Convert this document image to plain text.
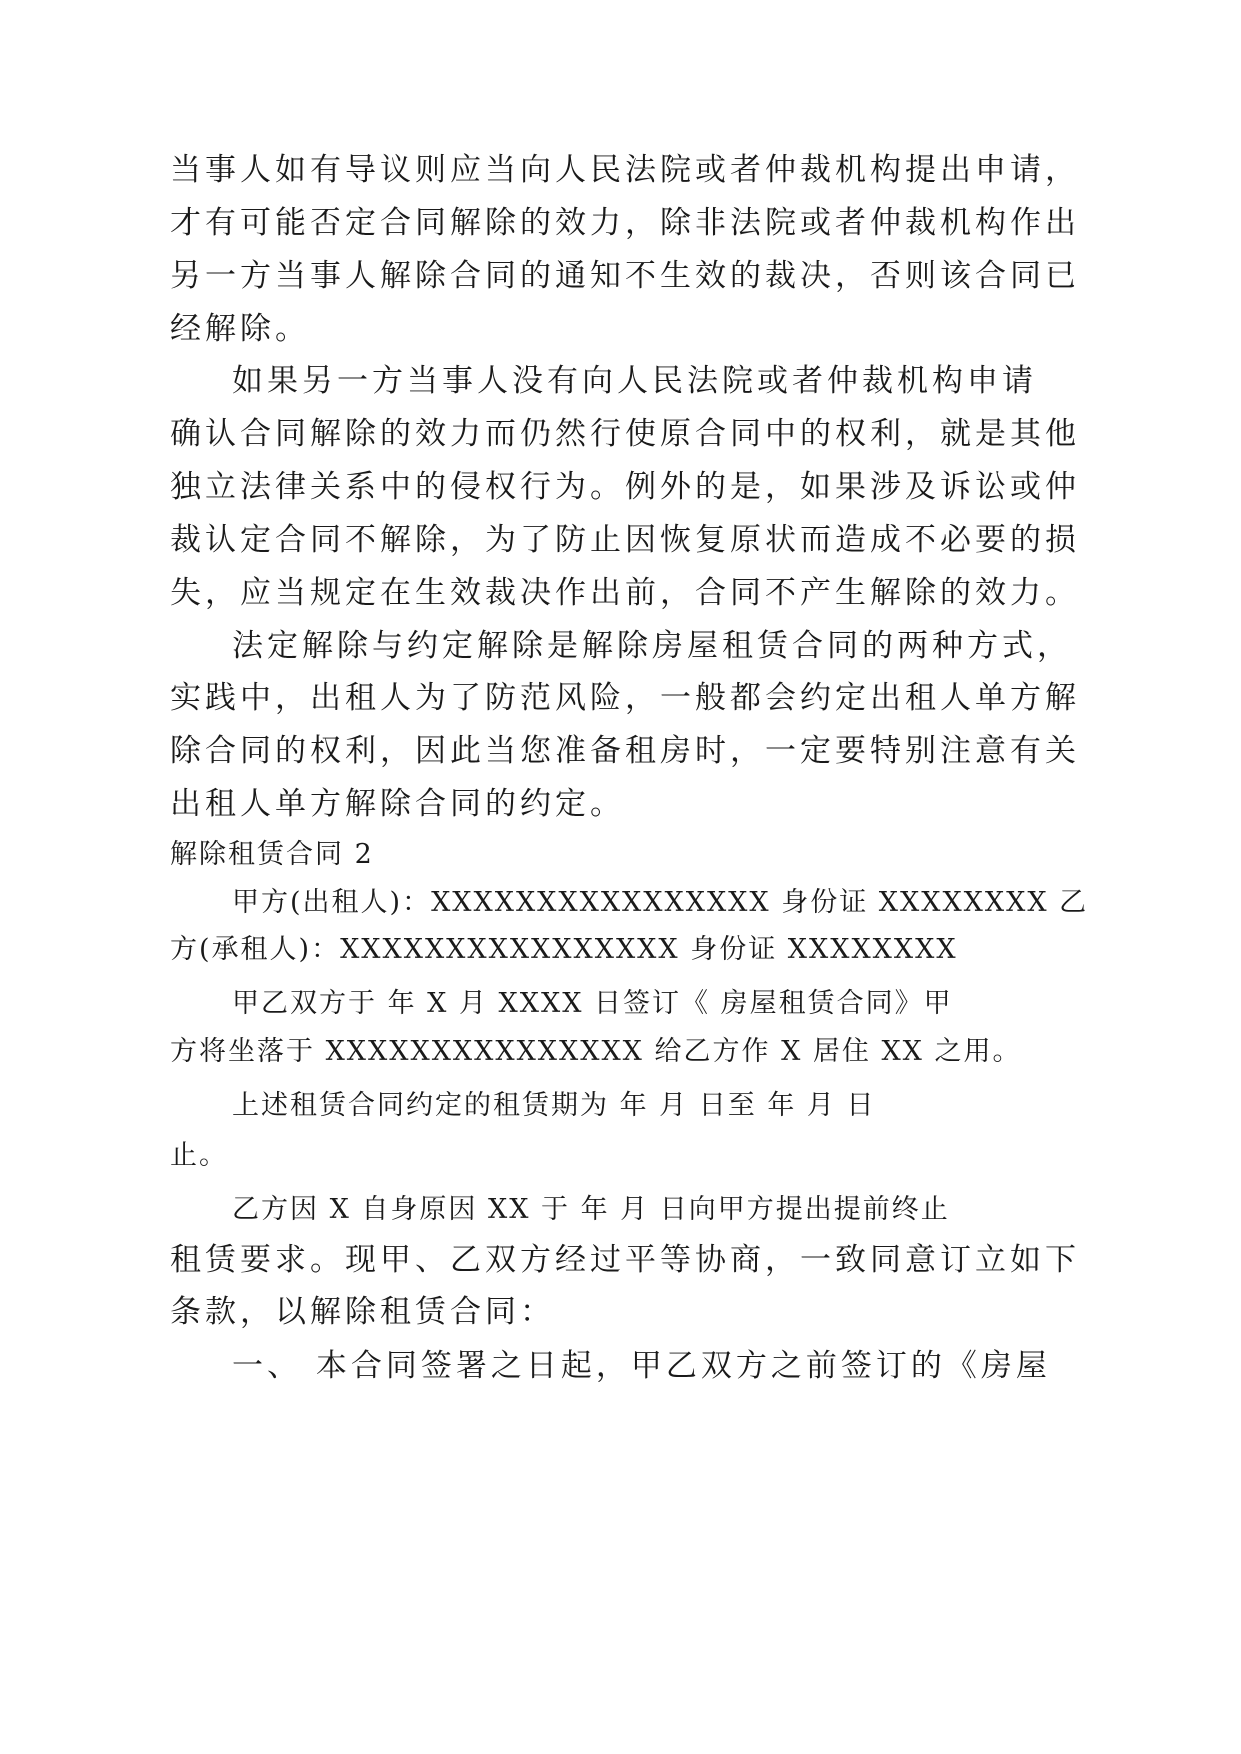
当事人如有导议则应当向人民法院或者仲裁机构提出申请，
才有可能否定合同解除的效力，除非法院或者仲裁机构作出
另一方当事人解除合同的通知不生效的裁决，否则该合同已
经解除。
如果另一方当事人没有向人民法院或者仲裁机构申请
确认合同解除的效力而仍然行使原合同中的权利，就是其他
独立法律关系中的侵权行为。例外的是，如果涉及诉讼或仲
裁认定合同不解除，为了防止因恢复原状而造成不必要的损
失，应当规定在生效裁决作出前，合同不产生解除的效力。
法定解除与约定解除是解除房屋租赁合同的两种方式，
实践中，出租人为了防范风险，一般都会约定出租人单方解
除合同的权利，因此当您准备租房时，一定要特别注意有关
出租人单方解除合同的约定。
解除租赁合同 2
甲方(出租人)：XXXXXXXXXXXXXXXX 身份证 XXXXXXXX 乙
方(承租人)：XXXXXXXXXXXXXXXX 身份证 XXXXXXXX
甲乙双方于 年 X 月 XXXX 日签订《 房屋租赁合同》甲
方将坐落于 XXXXXXXXXXXXXXX 给乙方作 X 居住 XX 之用。
上述租赁合同约定的租赁期为 年 月 日至 年 月 日
止。
乙方因 X 自身原因 XX 于 年 月 日向甲方提出提前终止
租赁要求。现甲、乙双方经过平等协商，一致同意订立如下
条款，以解除租赁合同：
一、 本合同签署之日起，甲乙双方之前签订的《房屋
